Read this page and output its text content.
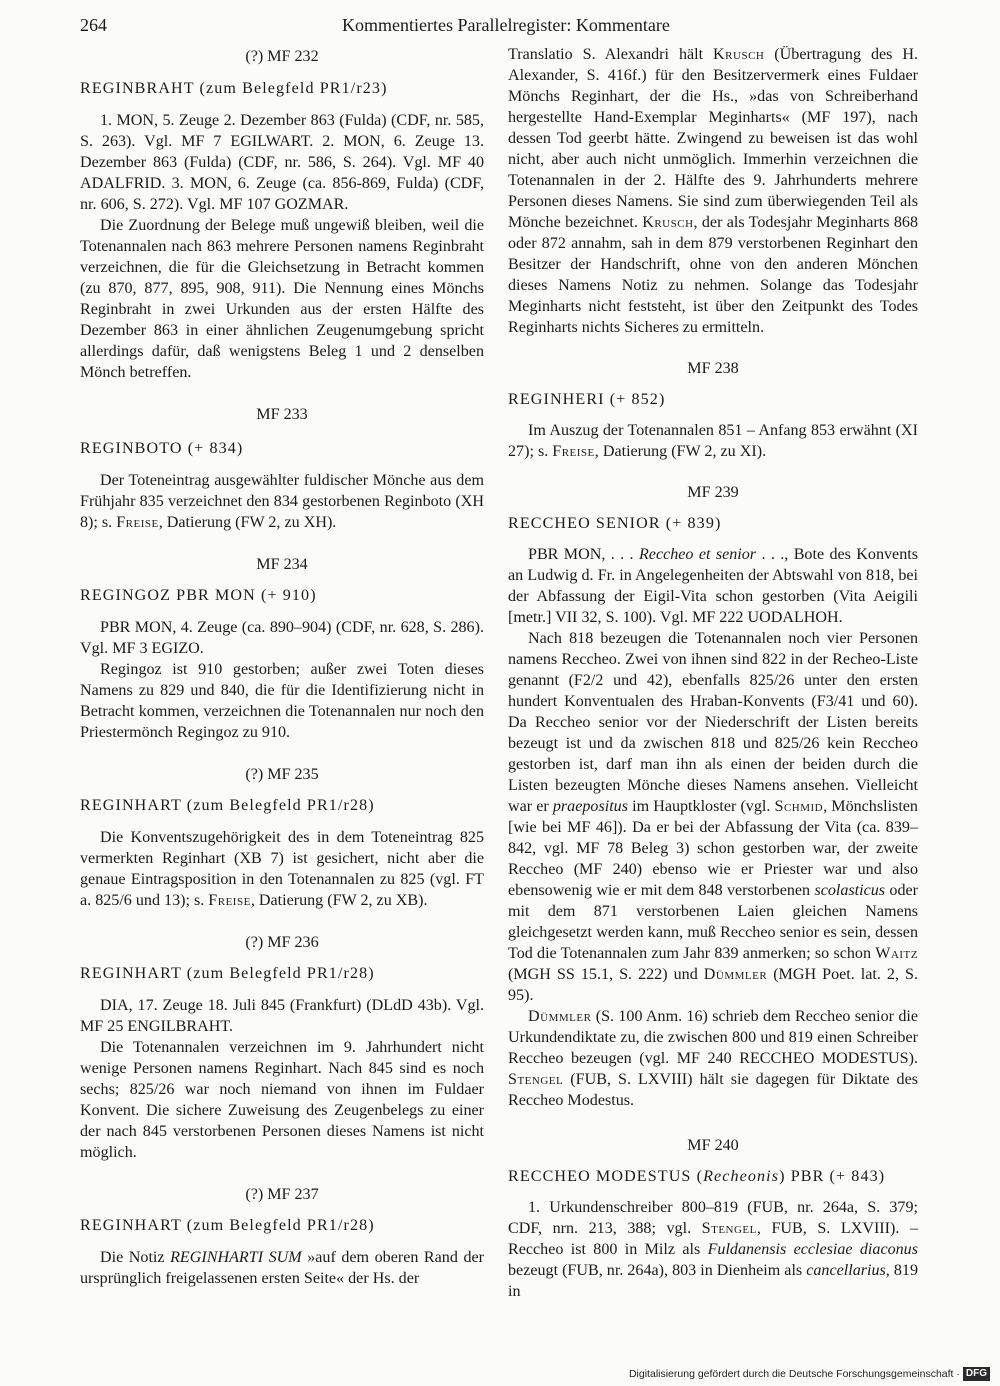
264	Kommentiertes Parallelregister: Kommentare
(?) MF 232
REGINBRAHT (zum Belegfeld PR1/r23)

1. MON, 5. Zeuge 2. Dezember 863 (Fulda) (CDF, nr. 585, S. 263). Vgl. MF 7 EGILWART. 2. MON, 6. Zeuge 13. Dezember 863 (Fulda) (CDF, nr. 586, S. 264). Vgl. MF 40 ADALFRID. 3. MON, 6. Zeuge (ca. 856-869, Fulda) (CDF, nr. 606, S. 272). Vgl. MF 107 GOZMAR.

Die Zuordnung der Belege muß ungewiß bleiben, weil die Totenannalen nach 863 mehrere Personen namens Reginbraht verzeichnen, die für die Gleichsetzung in Betracht kommen (zu 870, 877, 895, 908, 911). Die Nennung eines Mönchs Reginbraht in zwei Urkunden aus der ersten Hälfte des Dezember 863 in einer ähnlichen Zeugenumgebung spricht allerdings dafür, daß wenigstens Beleg 1 und 2 denselben Mönch betreffen.

MF 233
REGINBOTO (+ 834)

Der Toteneintrag ausgewählter fuldischer Mönche aus dem Frühjahr 835 verzeichnet den 834 gestorbenen Reginboto (XH 8); s. Freise, Datierung (FW 2, zu XH).

MF 234
REGINGOZ PBR MON (+ 910)

PBR MON, 4. Zeuge (ca. 890–904) (CDF, nr. 628, S. 286). Vgl. MF 3 EGIZO.

Regingoz ist 910 gestorben; außer zwei Toten dieses Namens zu 829 und 840, die für die Identifizierung nicht in Betracht kommen, verzeichnen die Totenannalen nur noch den Priestermönch Regingoz zu 910.

(?) MF 235
REGINHART (zum Belegfeld PR1/r28)

Die Konventszugehörigkeit des in dem Toteneintrag 825 vermerkten Reginhart (XB 7) ist gesichert, nicht aber die genaue Eintragsposition in den Totenannalen zu 825 (vgl. FT a. 825/6 und 13); s. Freise, Datierung (FW 2, zu XB).

(?) MF 236
REGINHART (zum Belegfeld PR1/r28)

DIA, 17. Zeuge 18. Juli 845 (Frankfurt) (DLdD 43b). Vgl. MF 25 ENGILBRAHT.

Die Totenannalen verzeichnen im 9. Jahrhundert nicht wenige Personen namens Reginhart. Nach 845 sind es noch sechs; 825/26 war noch niemand von ihnen im Fuldaer Konvent. Die sichere Zuweisung des Zeugenbelegs zu einer der nach 845 verstorbenen Personen dieses Namens ist nicht möglich.

(?) MF 237
REGINHART (zum Belegfeld PR1/r28)

Die Notiz REGINHARTI SUM »auf dem oberen Rand der ursprünglich freigelassenen ersten Seite« der Hs. der

Translatio S. Alexandri hält Krusch (Übertragung des H. Alexander, S. 416f.) für den Besitzervermerk eines Fuldaer Mönchs Reginhart, der die Hs., »das von Schreiberhand hergestellte Hand-Exemplar Meginharts« (MF 197), nach dessen Tod geerbt hätte. Zwingend zu beweisen ist das wohl nicht, aber auch nicht unmöglich. Immerhin verzeichnen die Totenannalen in der 2. Hälfte des 9. Jahrhunderts mehrere Personen dieses Namens. Sie sind zum überwiegenden Teil als Mönche bezeichnet. Krusch, der als Todesjahr Meginharts 868 oder 872 annahm, sah in dem 879 verstorbenen Reginhart den Besitzer der Handschrift, ohne von den anderen Mönchen dieses Namens Notiz zu nehmen. Solange das Todesjahr Meginharts nicht feststeht, ist über den Zeitpunkt des Todes Reginharts nichts Sicheres zu ermitteln.

MF 238
REGINHERI (+ 852)

Im Auszug der Totenannalen 851 – Anfang 853 erwähnt (XI 27); s. Freise, Datierung (FW 2, zu XI).

MF 239
RECCHEO SENIOR (+ 839)

PBR MON, . . . Reccheo et senior . . ., Bote des Konvents an Ludwig d. Fr. in Angelegenheiten der Abtswahl von 818, bei der Abfassung der Eigil-Vita schon gestorben (Vita Aeigili [metr.] VII 32, S. 100). Vgl. MF 222 UODALHOH.

Nach 818 bezeugen die Totenannalen noch vier Personen namens Reccheo. Zwei von ihnen sind 822 in der Recheo-Liste genannt (F2/2 und 42), ebenfalls 825/26 unter den ersten hundert Konventualen des Hraban-Konvents (F3/41 und 60). Da Reccheo senior vor der Niederschrift der Listen bereits bezeugt ist und da zwischen 818 und 825/26 kein Reccheo gestorben ist, darf man ihn als einen der beiden durch die Listen bezeugten Mönche dieses Namens ansehen. Vielleicht war er praepositus im Hauptkloster (vgl. Schmid, Mönchslisten [wie bei MF 46]). Da er bei der Abfassung der Vita (ca. 839–842, vgl. MF 78 Beleg 3) schon gestorben war, der zweite Reccheo (MF 240) ebenso wie er Priester war und also ebensowenig wie er mit dem 848 verstorbenen scolasticus oder mit dem 871 verstorbenen Laien gleichen Namens gleichgesetzt werden kann, muß Reccheo senior es sein, dessen Tod die Totenannalen zum Jahr 839 anmerken; so schon Waitz (MGH SS 15.1, S. 222) und Dümmler (MGH Poet. lat. 2, S. 95).

Dümmler (S. 100 Anm. 16) schrieb dem Reccheo senior die Urkundendiktate zu, die zwischen 800 und 819 einen Schreiber Reccheo bezeugen (vgl. MF 240 RECCHEO MODESTUS). Stengel (FUB, S. LXVIII) hält sie dagegen für Diktate des Reccheo Modestus.

MF 240
RECCHEO MODESTUS (Recheonis) PBR (+ 843)

1. Urkundenschreiber 800–819 (FUB, nr. 264a, S. 379; CDF, nrn. 213, 388; vgl. Stengel, FUB, S. LXVIII). – Reccheo ist 800 in Milz als Fuldanensis ecclesiae diaconus bezeugt (FUB, nr. 264a), 803 in Dienheim als cancellarius, 819 in

Digitalisierung gefördert durch die Deutsche Forschungsgemeinschaft · DFG
